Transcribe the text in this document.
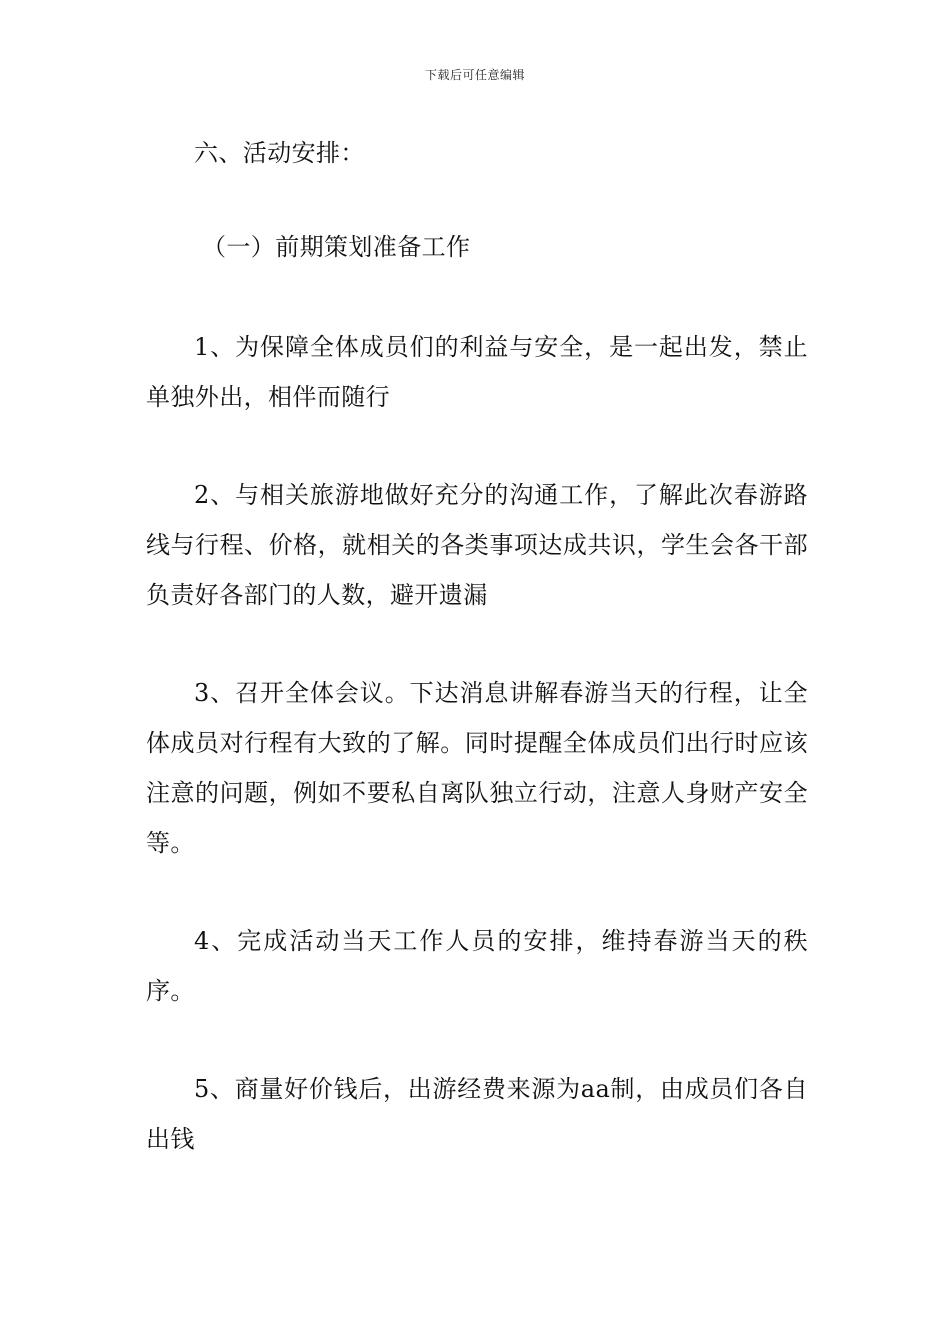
下载后可任意编辑

六、活动安排：

（一）前期策划准备工作

1、为保障全体成员们的利益与安全，是一起出发，禁止单独外出，相伴而随行

2、与相关旅游地做好充分的沟通工作，了解此次春游路线与行程、价格，就相关的各类事项达成共识，学生会各干部负责好各部门的人数，避开遗漏

3、召开全体会议。下达消息讲解春游当天的行程，让全体成员对行程有大致的了解。同时提醒全体成员们出行时应该注意的问题，例如不要私自离队独立行动，注意人身财产安全等。

4、完成活动当天工作人员的安排，维持春游当天的秩序。

5、商量好价钱后，出游经费来源为aa制，由成员们各自出钱
